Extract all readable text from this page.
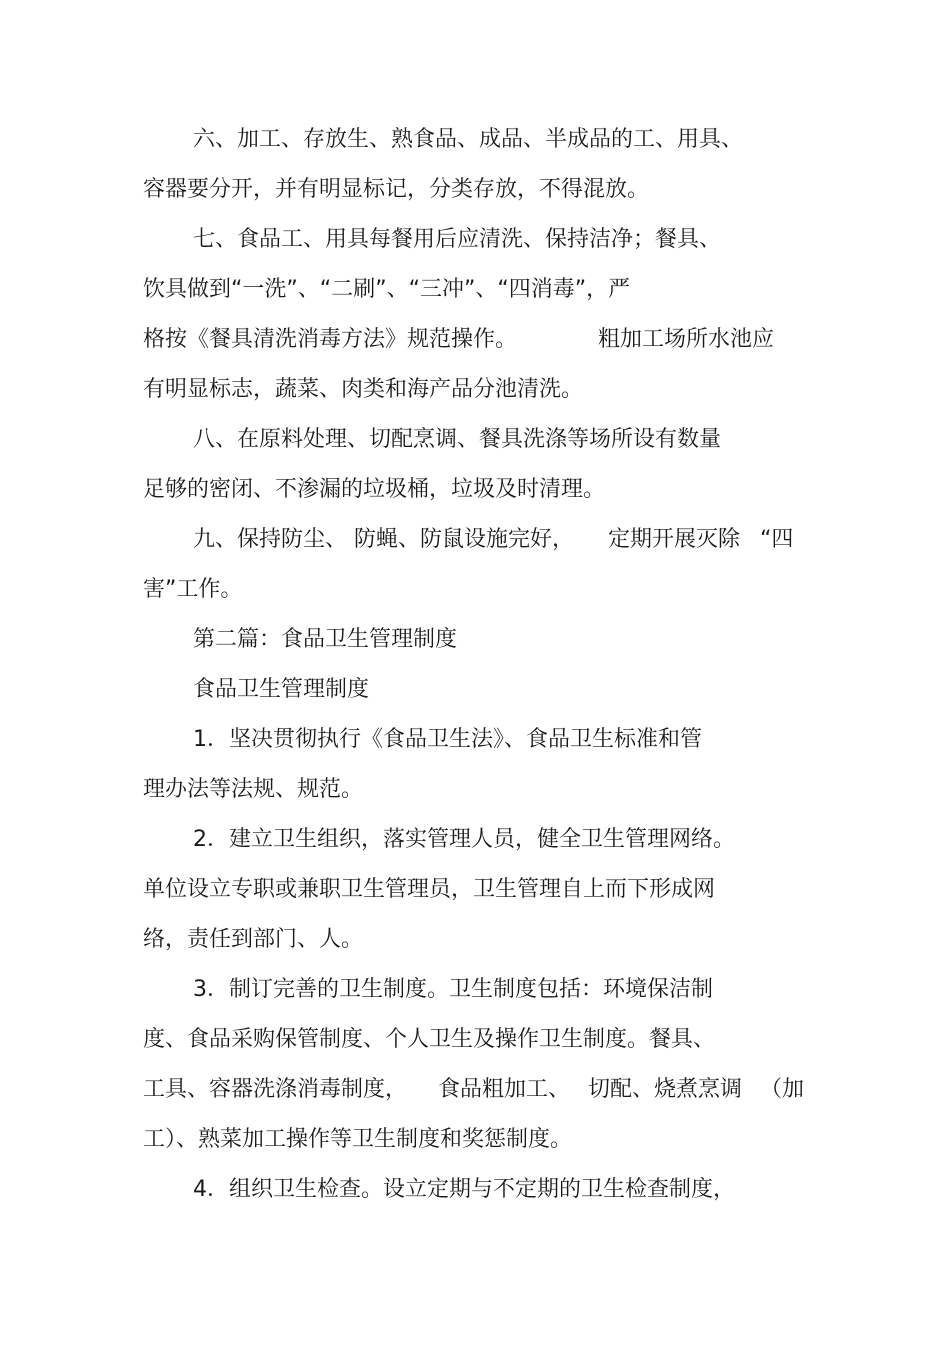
六、加工、存放生、熟食品、成品、半成品的工、用具、

容器要分开，并有明显标记，分类存放，不得混放。

七、食品工、用具每餐用后应清洗、保持洁净；餐具、

饮具做到“一洗”、“二刷”、“三冲”、“四消毒”，严

格按《餐具清洗消毒方法》规范操作。	粗加工场所水池应

有明显标志，蔬菜、肉类和海产品分池清洗。

八、在原料处理、切配烹调、餐具洗涤等场所设有数量

足够的密闭、不渗漏的垃圾桶，垃圾及时清理。

九、保持防尘、 防蝇、防鼠设施完好， 定期开展灭除 “四

害”工作。

第二篇：食品卫生管理制度

食品卫生管理制度

1．坚决贯彻执行《食品卫生法》、食品卫生标准和管

理办法等法规、规范。

2．建立卫生组织，落实管理人员，健全卫生管理网络。

单位设立专职或兼职卫生管理员，卫生管理自上而下形成网

络，责任到部门、人。

3．制订完善的卫生制度。卫生制度包括：环境保洁制

度、食品采购保管制度、个人卫生及操作卫生制度。餐具、

工具、容器洗涤消毒制度， 食品粗加工、 切配、烧煮烹调 （加

工）、熟菜加工操作等卫生制度和奖惩制度。

4．组织卫生检查。设立定期与不定期的卫生检查制度，
